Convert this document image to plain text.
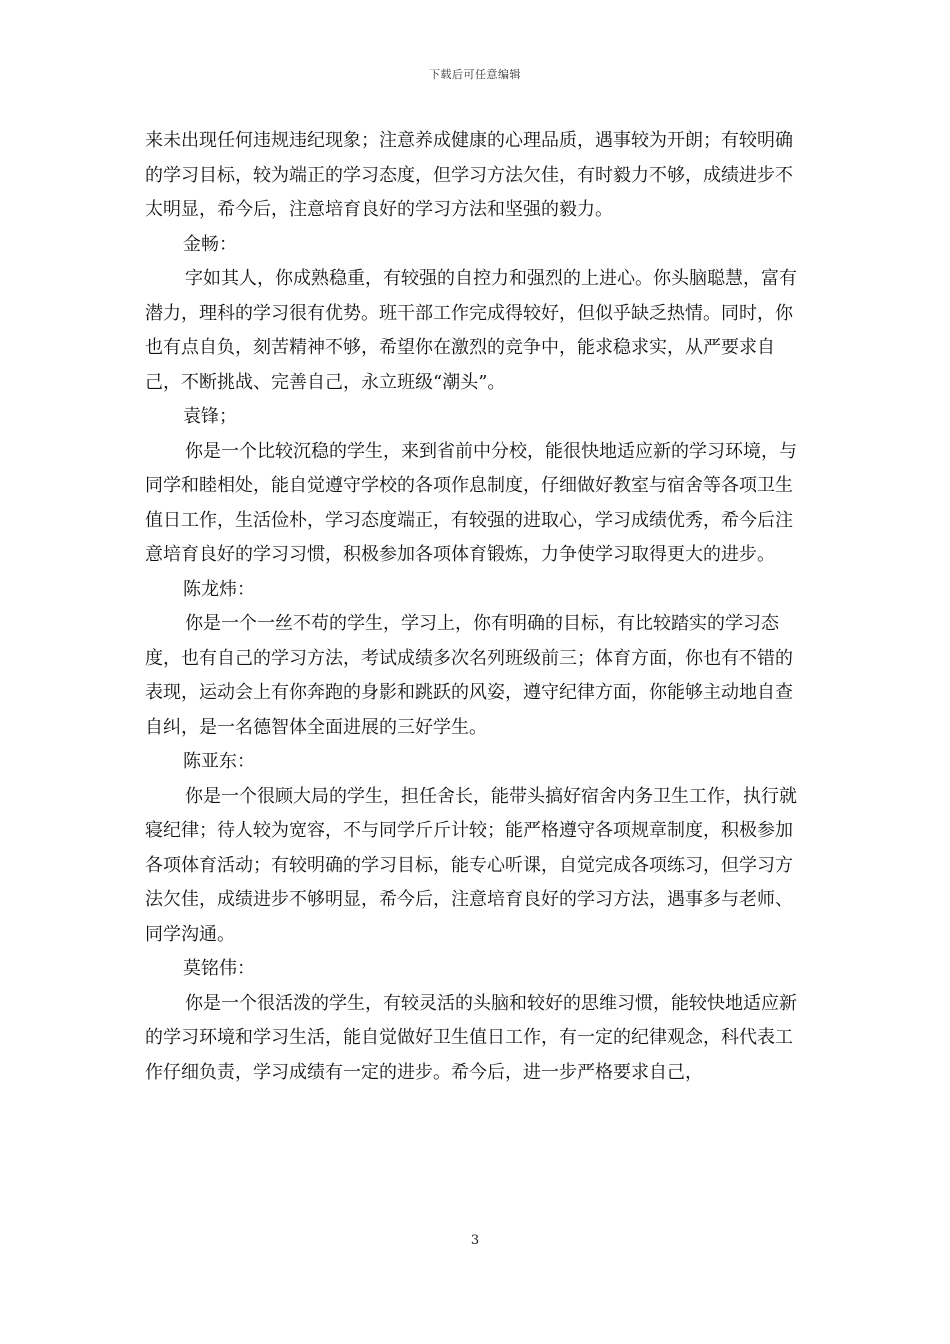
下载后可任意编辑

来未出现任何违规违纪现象；注意养成健康的心理品质，遇事较为开朗；有较明确的学习目标，较为端正的学习态度，但学习方法欠佳，有时毅力不够，成绩进步不太明显，希今后，注意培育良好的学习方法和坚强的毅力。

金畅：

字如其人，你成熟稳重，有较强的自控力和强烈的上进心。你头脑聪慧，富有潜力，理科的学习很有优势。班干部工作完成得较好，但似乎缺乏热情。同时，你也有点自负，刻苦精神不够，希望你在激烈的竞争中，能求稳求实，从严要求自己，不断挑战、完善自己，永立班级“潮头”。

袁锋；

你是一个比较沉稳的学生，来到省前中分校，能很快地适应新的学习环境，与同学和睦相处，能自觉遵守学校的各项作息制度，仔细做好教室与宿舍等各项卫生值日工作，生活俭朴，学习态度端正，有较强的进取心，学习成绩优秀，希今后注意培育良好的学习习惯，积极参加各项体育锻炼，力争使学习取得更大的进步。

陈龙炜：

你是一个一丝不苟的学生，学习上，你有明确的目标，有比较踏实的学习态度，也有自己的学习方法，考试成绩多次名列班级前三；体育方面，你也有不错的表现，运动会上有你奔跑的身影和跳跃的风姿，遵守纪律方面，你能够主动地自查自纠，是一名德智体全面进展的三好学生。

陈亚东：

你是一个很顾大局的学生，担任舍长，能带头搞好宿舍内务卫生工作，执行就寝纪律；待人较为宽容，不与同学斤斤计较；能严格遵守各项规章制度，积极参加各项体育活动；有较明确的学习目标，能专心听课，自觉完成各项练习，但学习方法欠佳，成绩进步不够明显，希今后，注意培育良好的学习方法，遇事多与老师、同学沟通。

莫铭伟：

你是一个很活泼的学生，有较灵活的头脑和较好的思维习惯，能较快地适应新的学习环境和学习生活，能自觉做好卫生值日工作，有一定的纪律观念，科代表工作仔细负责，学习成绩有一定的进步。希今后，进一步严格要求自己，

3
